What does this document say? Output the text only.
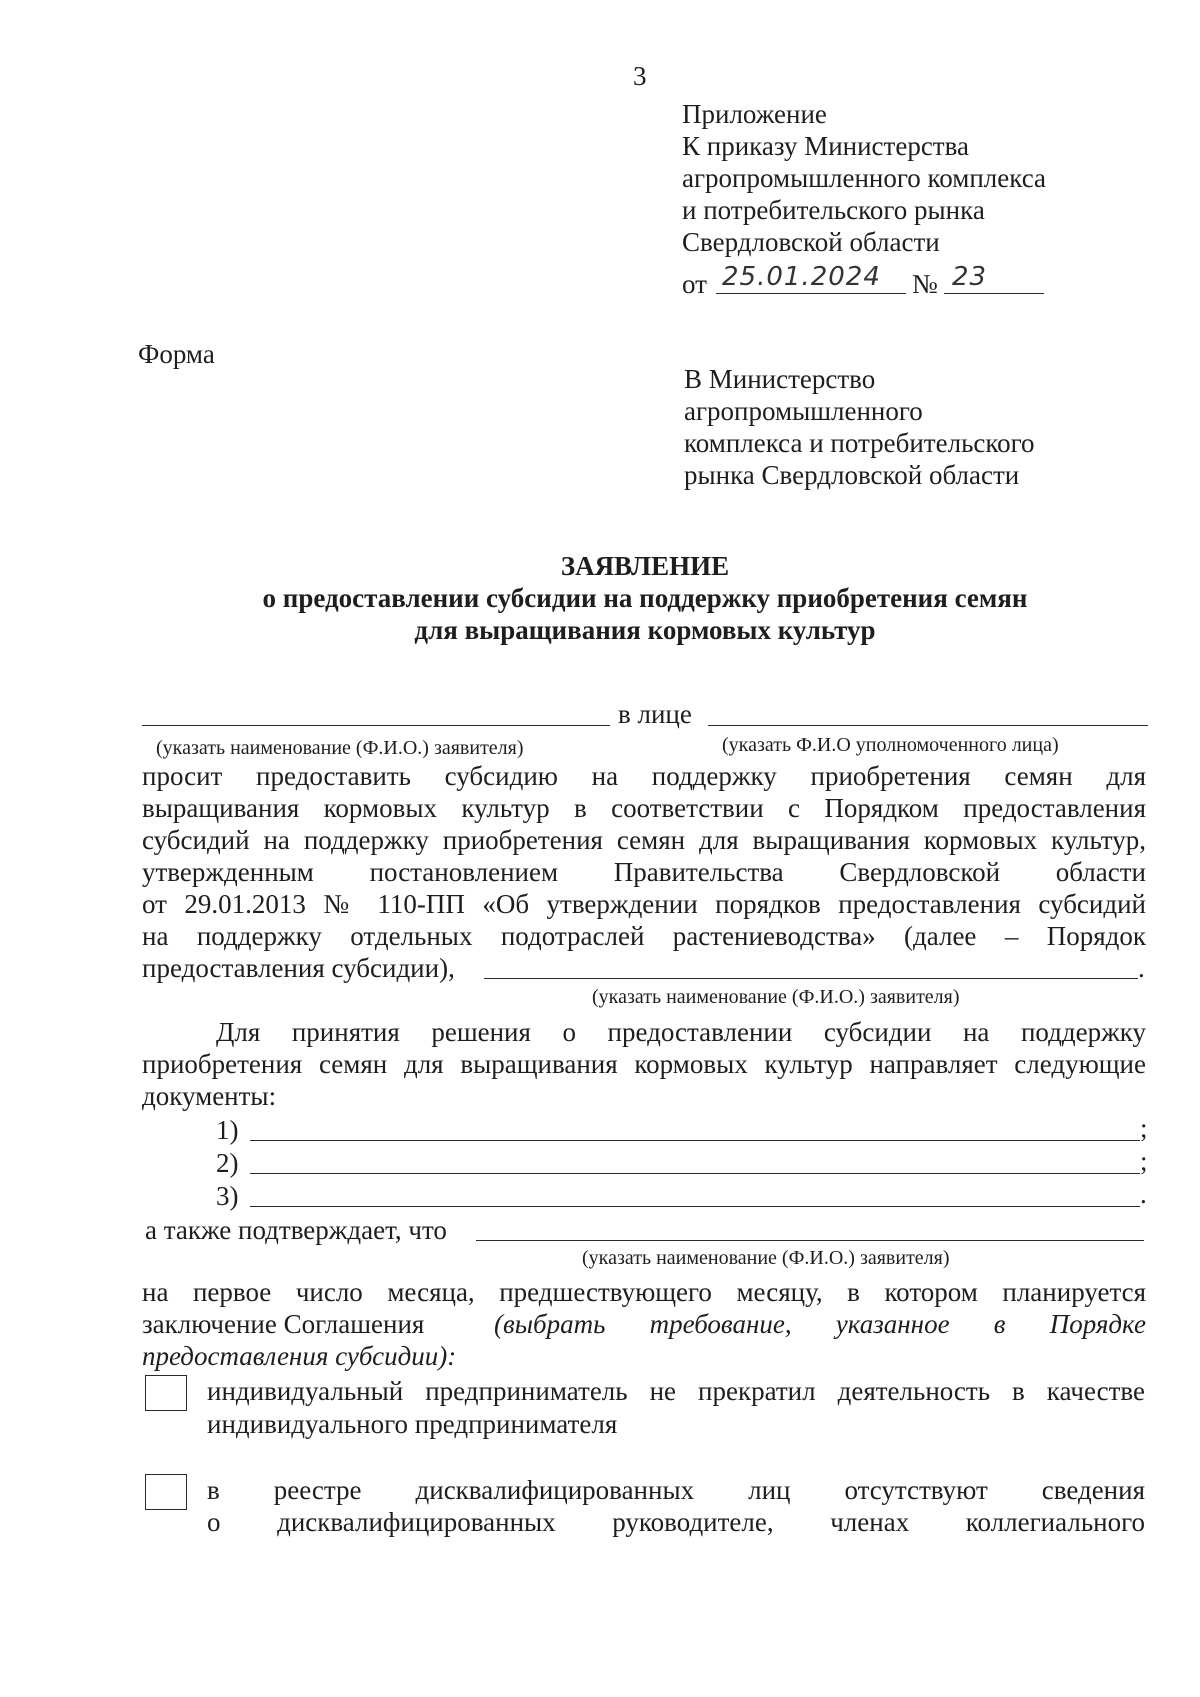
3
Приложение
К приказу Министерства
агропромышленного комплекса
и потребительского рынка
Свердловской области
от 25.01.2024 № 23
Форма
В Министерство
агропромышленного
комплекса и потребительского
рынка Свердловской области
ЗАЯВЛЕНИЕ
о предоставлении субсидии на поддержку приобретения семян
для выращивания кормовых культур
в лице
(указать наименование (Ф.И.О.) заявителя)	(указать Ф.И.О уполномоченного лица)
просит предоставить субсидию на поддержку приобретения семян для
выращивания кормовых культур в соответствии с Порядком предоставления
субсидий на поддержку приобретения семян для выращивания кормовых культур,
утвержденным постановлением Правительства Свердловской области
от 29.01.2013 № 110-ПП «Об утверждении порядков предоставления субсидий
на поддержку отдельных подотраслей растениеводства» (далее – Порядок
предоставления субсидии),	.
(указать наименование (Ф.И.О.) заявителя)
Для принятия решения о предоставлении субсидии на поддержку
приобретения семян для выращивания кормовых культур направляет следующие
документы:
1)	;
2)	;
3)	.
а также подтверждает, что
(указать наименование (Ф.И.О.) заявителя)
на первое число месяца, предшествующего месяцу, в котором планируется
заключение Соглашения	(выбрать требование, указанное в Порядке
предоставления субсидии):
индивидуальный предприниматель не прекратил деятельность в качестве
индивидуального предпринимателя
в реестре дисквалифицированных лиц отсутствуют сведения
о дисквалифицированных руководителе, членах коллегиального
